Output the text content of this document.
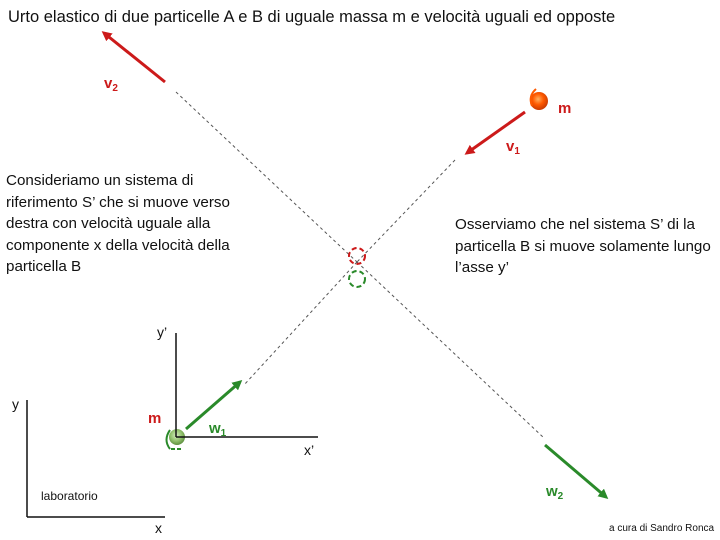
Urto elastico di due particelle A e B di uguale massa m e velocità uguali ed opposte

Consideriamo un sistema di riferimento S’ che si muove verso destra con velocità uguale alla componente x della velocità della particella B

Osserviamo che nel sistema S’ di la particella B si muove solamente lungo l’asse y’

$v_2$
m
$v_1$
y’
y
m
$w_1$
x’
laboratorio	$w_2$
x	a cura di Sandro Ronca
